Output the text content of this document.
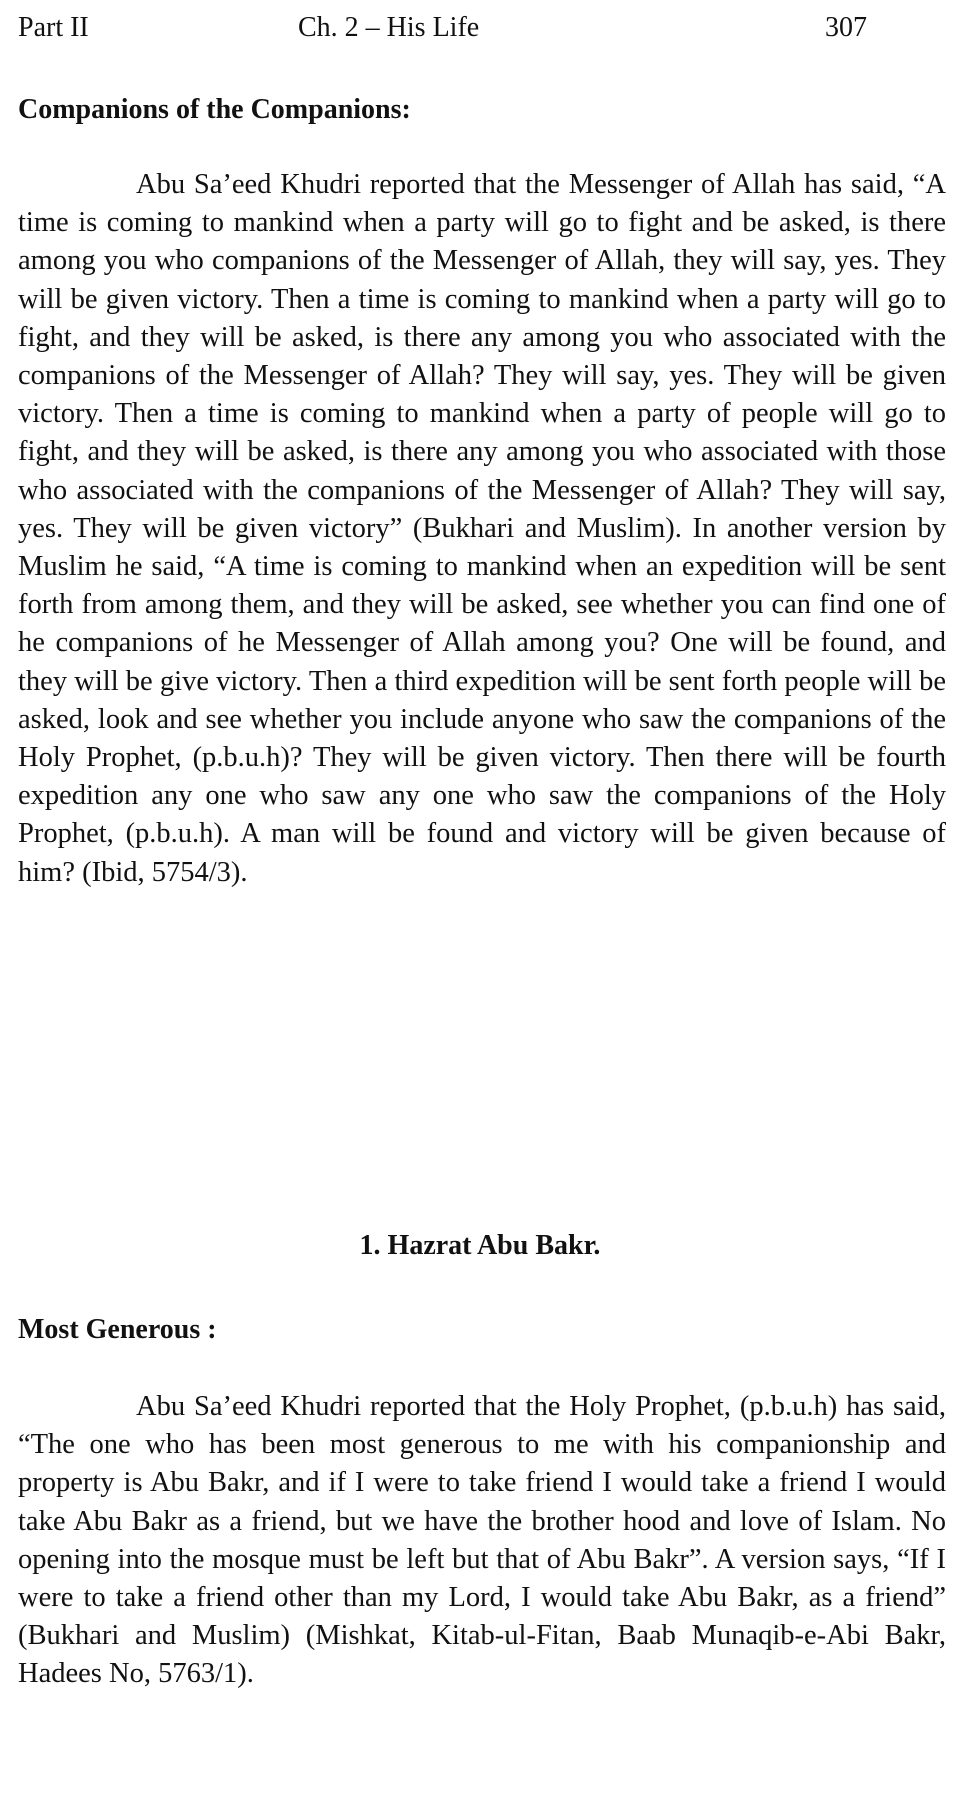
Part II	Ch. 2 – His Life	307
Companions of the Companions:

Abu Sa’eed Khudri reported that the Messenger of Allah has said, “A time is coming to mankind when a party will go to fight and be asked, is there among you who companions of the Messenger of Allah, they will say, yes. They will be given victory. Then a time is coming to mankind when a party will go to fight, and they will be asked, is there any among you who associated with the companions of the Messenger of Allah? They will say, yes. They will be given victory. Then a time is coming to mankind when a party of people will go to fight, and they will be asked, is there any among you who associated with those who associated with the companions of the Messenger of Allah? They will say, yes. They will be given victory” (Bukhari and Muslim). In another version by Muslim he said, “A time is coming to mankind when an expedition will be sent forth from among them, and they will be asked, see whether you can find one of he companions of he Messenger of Allah among you? One will be found, and they will be give victory. Then a third expedition will be sent forth people will be asked, look and see whether you include anyone who saw the companions of the Holy Prophet, (p.b.u.h)? They will be given victory. Then there will be fourth expedition any one who saw any one who saw the companions of the Holy Prophet, (p.b.u.h). A man will be found and victory will be given because of him? (Ibid, 5754/3).

1. Hazrat Abu Bakr.
Most Generous :

Abu Sa’eed Khudri reported that the Holy Prophet, (p.b.u.h) has said, “The one who has been most generous to me with his companionship and property is Abu Bakr, and if I were to take friend I would take a friend I would take Abu Bakr as a friend, but we have the brother hood and love of Islam. No opening into the mosque must be left but that of Abu Bakr”. A version says, “If I were to take a friend other than my Lord, I would take Abu Bakr, as a friend” (Bukhari and Muslim) (Mishkat, Kitab-ul-Fitan, Baab Munaqib-e-Abi Bakr, Hadees No, 5763/1).
